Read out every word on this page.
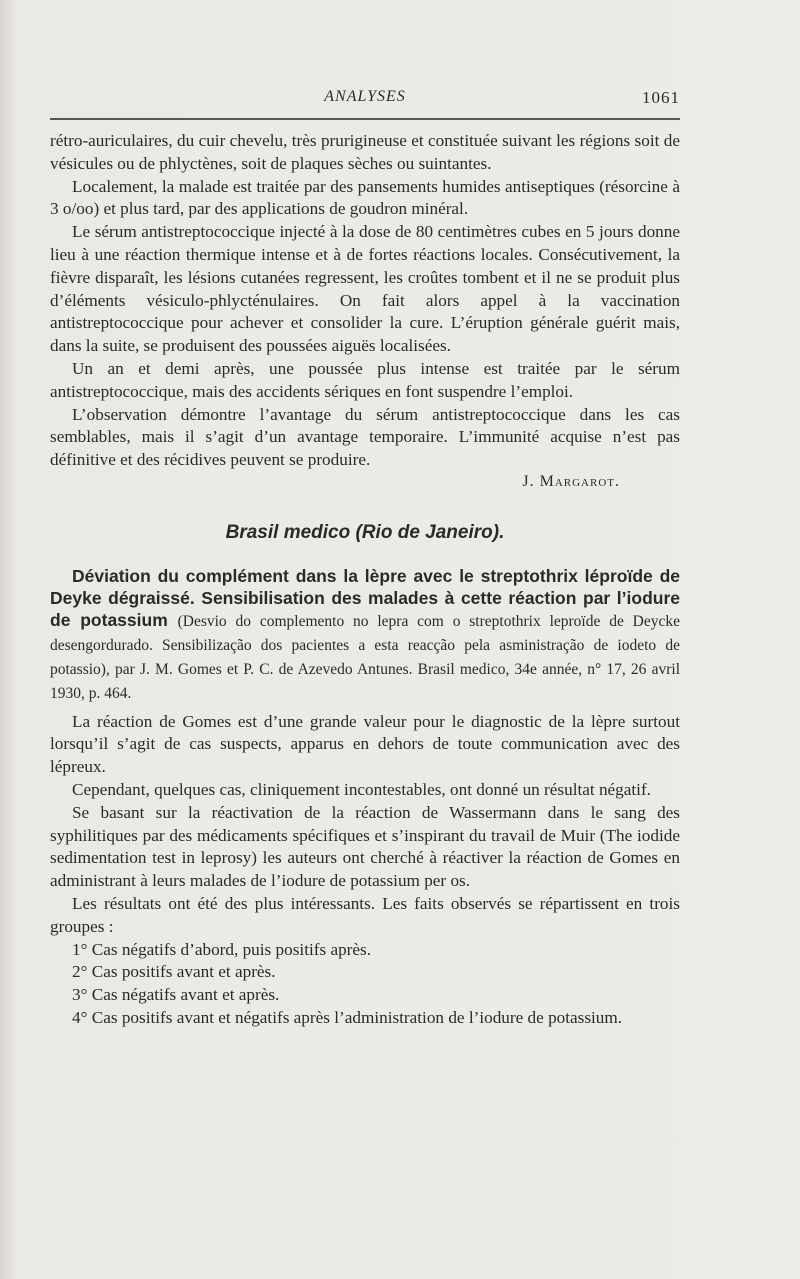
ANALYSES	1061

rétro-auriculaires, du cuir chevelu, très prurigineuse et constituée suivant les régions soit de vésicules ou de phlyctènes, soit de plaques sèches ou suintantes.

Localement, la malade est traitée par des pansements humides antiseptiques (résorcine à 3 o/oo) et plus tard, par des applications de goudron minéral.

Le sérum antistreptococcique injecté à la dose de 80 centimètres cubes en 5 jours donne lieu à une réaction thermique intense et à de fortes réactions locales. Consécutivement, la fièvre disparaît, les lésions cutanées regressent, les croûtes tombent et il ne se produit plus d’éléments vésiculo-phlycténulaires. On fait alors appel à la vaccination antistreptococcique pour achever et consolider la cure. L’éruption générale guérit mais, dans la suite, se produisent des poussées aiguës localisées.

Un an et demi après, une poussée plus intense est traitée par le sérum antistreptococcique, mais des accidents sériques en font suspendre l’emploi.

L’observation démontre l’avantage du sérum antistreptococcique dans les cas semblables, mais il s’agit d’un avantage temporaire. L’immunité acquise n’est pas définitive et des récidives peuvent se produire.

J. Margarot.
Brasil medico (Rio de Janeiro).

Déviation du complément dans la lèpre avec le streptothrix léproïde de Deyke dégraissé. Sensibilisation des malades à cette réaction par l’iodure de potassium (Desvio do complemento no lepra com o streptothrix leproïde de Deycke desengordurado. Sensibilização dos pacientes a esta reacção pela asministração de iodeto de potassio), par J. M. Gomes et P. C. de Azevedo Antunes. Brasil medico, 34e année, n° 17, 26 avril 1930, p. 464.

La réaction de Gomes est d’une grande valeur pour le diagnostic de la lèpre surtout lorsqu’il s’agit de cas suspects, apparus en dehors de toute communication avec des lépreux.

Cependant, quelques cas, cliniquement incontestables, ont donné un résultat négatif.

Se basant sur la réactivation de la réaction de Wassermann dans le sang des syphilitiques par des médicaments spécifiques et s’inspirant du travail de Muir (The iodide sedimentation test in leprosy) les auteurs ont cherché à réactiver la réaction de Gomes en administrant à leurs malades de l’iodure de potassium per os.

Les résultats ont été des plus intéressants. Les faits observés se répartissent en trois groupes :

1° Cas négatifs d’abord, puis positifs après.

2° Cas positifs avant et après.

3° Cas négatifs avant et après.

4° Cas positifs avant et négatifs après l’administration de l’iodure de potassium.
